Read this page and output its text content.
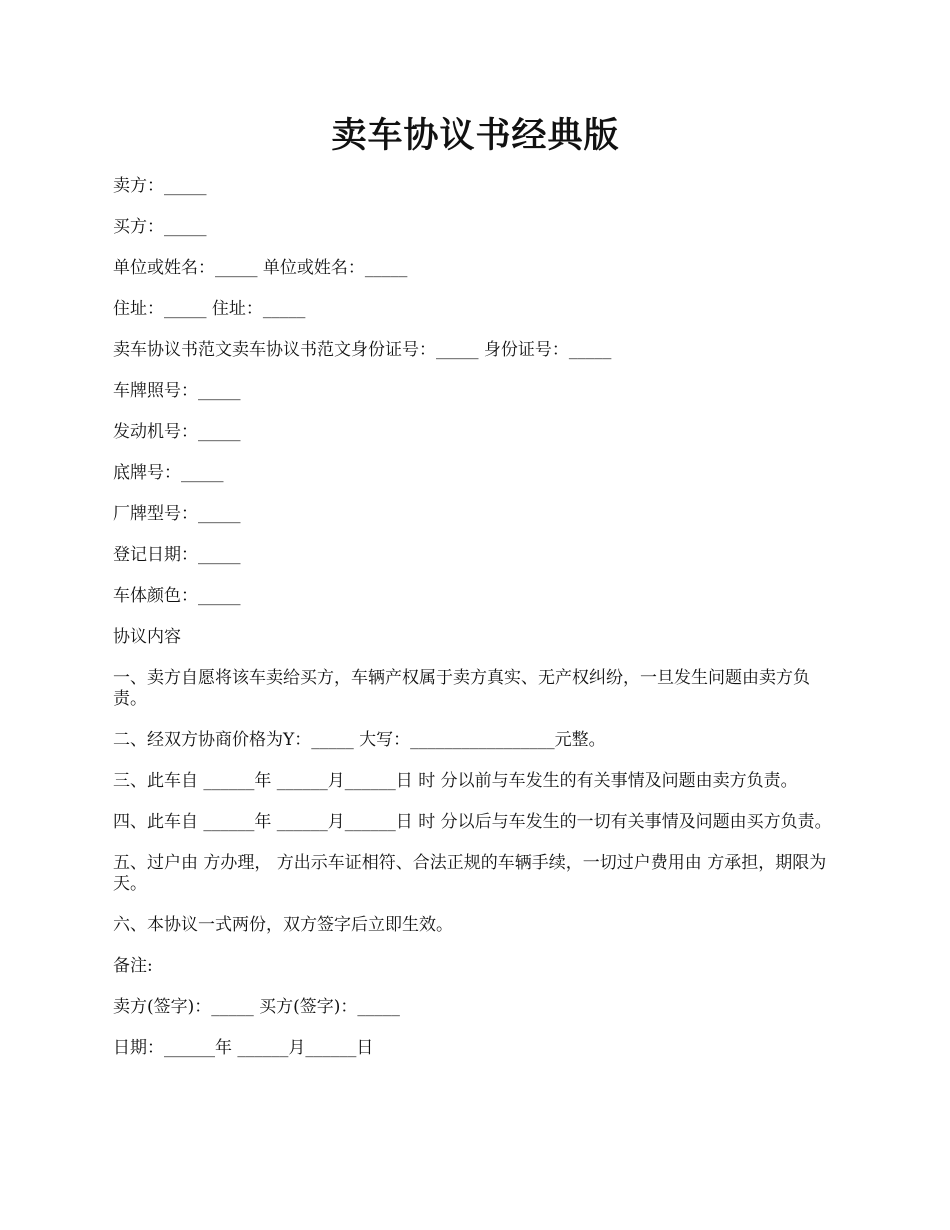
卖车协议书经典版

卖方：_____

买方：_____

单位或姓名：_____ 单位或姓名：_____

住址：_____ 住址：_____

卖车协议书范文卖车协议书范文身份证号：_____ 身份证号：_____

车牌照号：_____

发动机号：_____

底牌号：_____

厂牌型号：_____

登记日期：_____

车体颜色：_____

协议内容

一、卖方自愿将该车卖给买方，车辆产权属于卖方真实、无产权纠纷，一旦发生问题由卖方负责。

二、经双方协商价格为Y：_____ 大写：_________________元整。

三、此车自 ______年 ______月______日 时 分以前与车发生的有关事情及问题由卖方负责。

四、此车自 ______年 ______月______日 时 分以后与车发生的一切有关事情及问题由买方负责。

五、过户由 方办理， 方出示车证相符、合法正规的车辆手续，一切过户费用由 方承担，期限为 天。

六、本协议一式两份，双方签字后立即生效。

备注:

卖方(签字)：_____ 买方(签字)：_____

日期：______年 ______月______日
